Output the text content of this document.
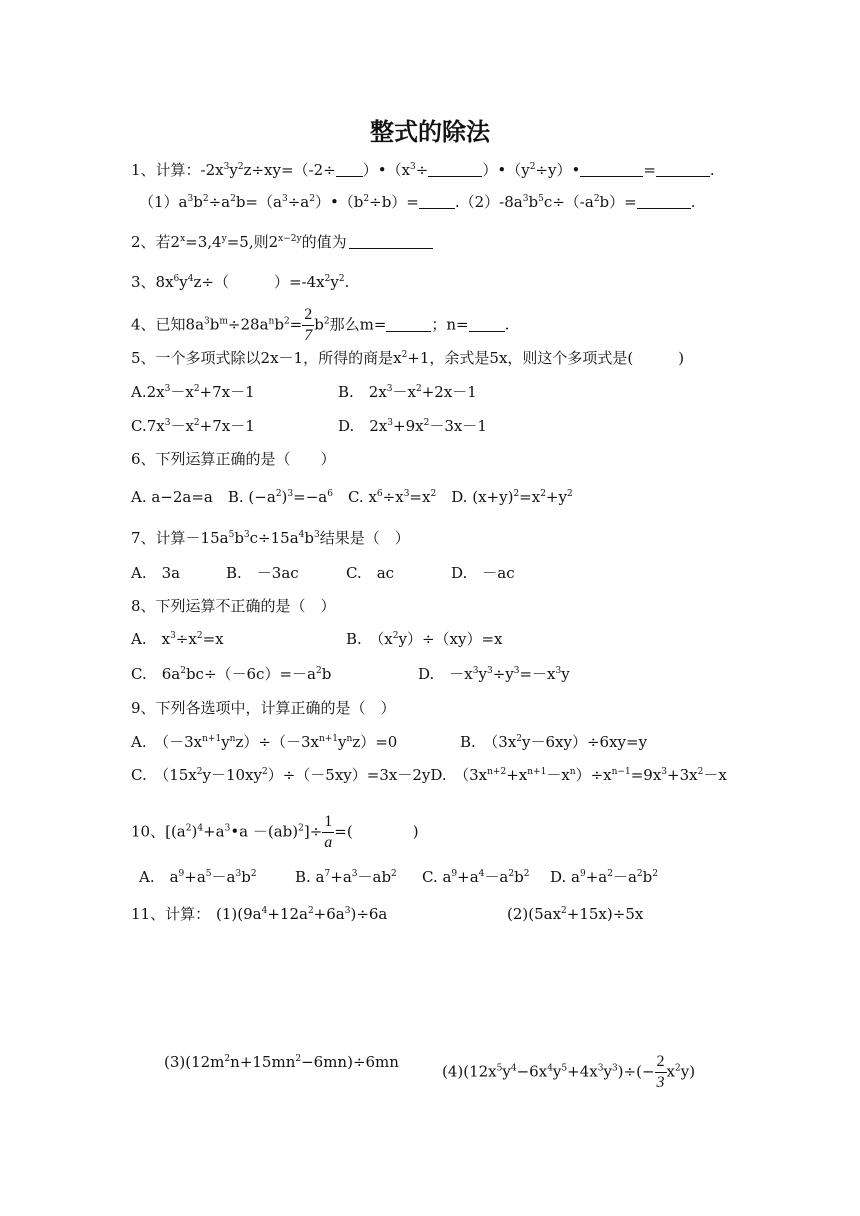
整式的除法
1、计算：$-2x^3y^2z\div xy=(-2\div$ ）$•(x^3\div$	）$•(y^2\div y)•$	=	.
$(1)a^3b^2\div a^2b=(a^3\div a^2)•(b^2\div b)= .(2)-8a^3b^5c\div(-a^2b)=$	.
2、若$2^x=3,4^y=5$,则$2^{x-2y}$的值为
3、$8x^6y^4z\div$（　　　）$=-4x^2y^2$.
4、已知$8a^3b^m\div 28a^nb^2= \frac{2}{7} b^2$那么m=	；n= .
5、一个多项式除以2x－1，所得的商是$x^2+1$，余式是5x，则这个多项式是(　　　)
$A.2x^3-x^2+7x-1$	B.　$2x^3-x^2+2x-1$
$C.7x^3-x^2+7x-1$	D.　$2x^3+9x^2-3x-1$
6、下列运算正确的是（　　）
A. a−2a=a　B. $(-a^2)^3=-a^6$　C. $x^6\div x^3=x^2$　D. $(x+y)^2=x^2+y^2$
7、计算$-15a^5b^3c\div 15a^4b^3$结果是（　）
A.　3a	B.　－3ac	C.　ac	D.　－ac
8、下列运算不正确的是（　）
A.　$x^3\div x^2=x$	B.　$(x^2y)\div(xy)=x$
C.　$6a^2bc\div(-6c)=-a^2b$	D.　$-x^3y^3\div y^3=-x^3y$
9、下列各选项中，计算正确的是（　）
A.　$(-3x^{n+1}y^nz)\div(-3x^{n+1}y^nz)=0$	B.　$(3x^2y-6xy)\div 6xy=y$
C.　$(15x^2y-10xy^2)\div(-5xy)=3x-2yD$.　$(3x^{n+2}+x^{n+1}-x^n)\div x^{n-1}=9x^3+3x^2-x$
10、$[(a^2)^4+a^3•a -(ab)^2]\div \frac{1}{a}$ =(　　　　)
A.　$a^9+a^5-a^3b^2$	B. $a^7+a^3-ab^2$ C. $a^9+a^4-a^2b^2$ D. $a^9+a^2-a^2b^2$
11、计算： $(1)(9a^4+12a^2+6a^3)\div 6a$	$(2)(5ax^2+15x)\div 5x$
$(3)(12m^2n+15mn^2-6mn)\div 6mn$
$(4)(12x^5y^4-6x^4y^5+4x^3y^3)\div(- \frac{2}{3} x^2y)$
